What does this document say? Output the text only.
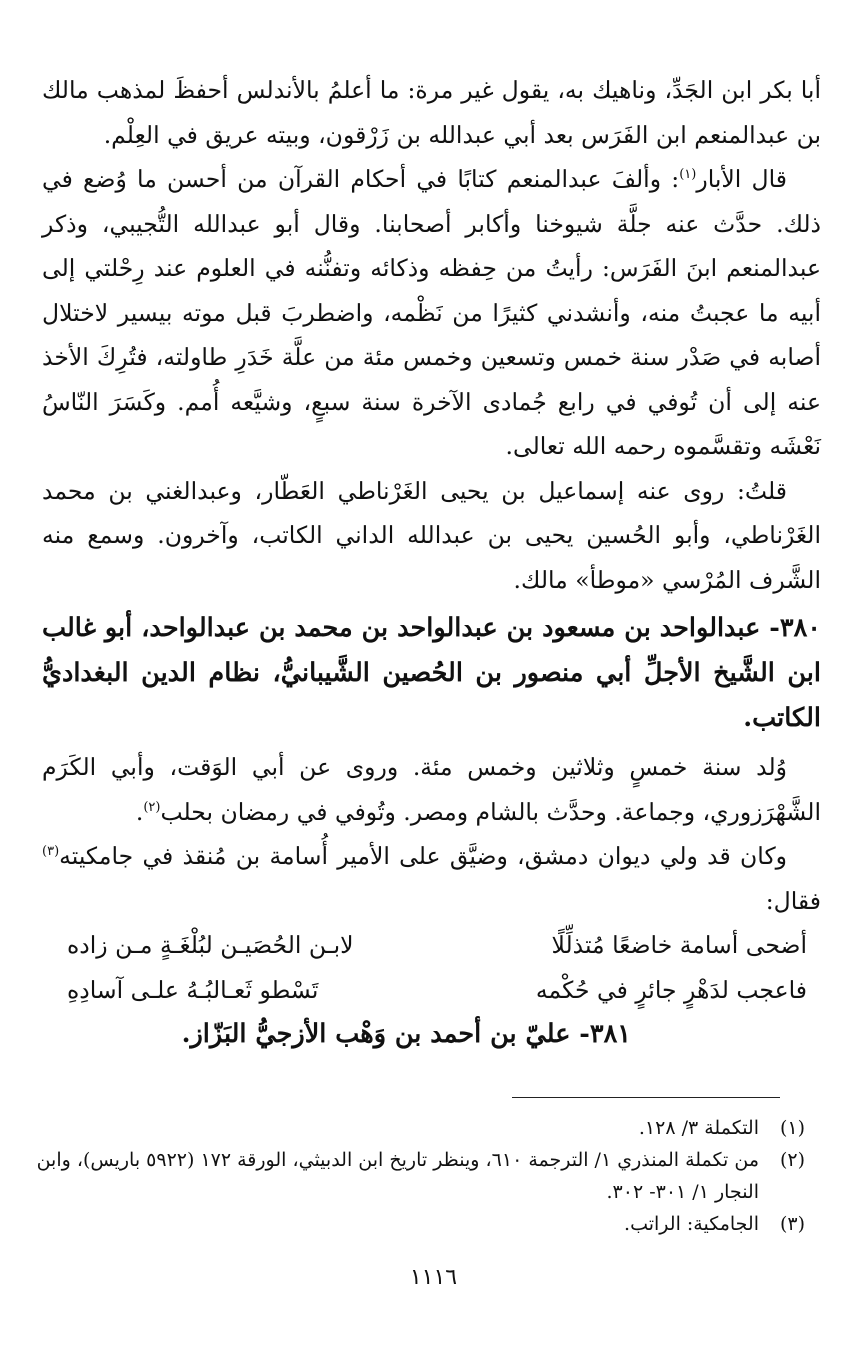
أبا بكر ابن الجَدِّ، وناهيك به، يقول غير مرة: ما أعلمُ بالأندلس أحفظَ لمذهب مالك بن عبدالمنعم ابن الفَرَس بعد أبي عبدالله بن زَرْقون، وبيته عريق في العِلْم.

قال الأبار$^{(١)}$: وألفَ عبدالمنعم كتابًا في أحكام القرآن من أحسن ما وُضع في ذلك. حدَّث عنه جلَّة شيوخنا وأكابر أصحابنا. وقال أبو عبدالله التُّجيبي، وذكر عبدالمنعم ابنَ الفَرَس: رأيتُ من حِفظه وذكائه وتفنُّنه في العلوم عند رِحْلتي إلى أبيه ما عجبتُ منه، وأنشدني كثيرًا من نَظْمه، واضطربَ قبل موته بيسير لاختلال أصابه في صَدْر سنة خمس وتسعين وخمس مئة من علَّة خَدَرِ طاولته، فتُرِكَ الأخذ عنه إلى أن تُوفي في رابع جُمادى الآخرة سنة سبعٍ، وشيَّعه أُمم. وكَسَرَ النّاسُ نَعْشَه وتقسَّموه رحمه الله تعالى.

قلتُ: روى عنه إسماعيل بن يحيى الغَرْناطي العَطّار، وعبدالغني بن محمد الغَرْناطي، وأبو الحُسين يحيى بن عبدالله الداني الكاتب، وآخرون. وسمع منه الشَّرف المُرْسي «موطأ» مالك.

٣٨٠- عبدالواحد بن مسعود بن عبدالواحد بن محمد بن عبدالواحد، أبو غالب ابن الشَّيخ الأجلِّ أبي منصور بن الحُصين الشَّيبانيُّ، نظام الدين البغداديُّ الكاتب.

وُلد سنة خمسٍ وثلاثين وخمس مئة. وروى عن أبي الوَقت، وأبي الكَرَم الشَّهْرَزوري، وجماعة. وحدَّث بالشام ومصر. وتُوفي في رمضان بحلب$^{(٢)}$.

وكان قد ولي ديوان دمشق، وضيَّق على الأمير أُسامة بن مُنقذ في جامكيته$^{(٣)}$ فقال:

أضحى أسامة خاضعًا مُتذلِّلًا
لابـن الحُصَيـن لبُلْغَـةٍ مـن زاده
فاعجب لدَهْرٍ جائرٍ في حُكْمه
تَسْطو ثَعـالبُـهُ علـى آسادِهِ

٣٨١- عليّ بن أحمد بن وَهْب الأزجيُّ البَزّاز.

(١)
التكملة ٣/ ١٢٨.
(٢)
من تكملة المنذري ١/ الترجمة ٦١٠، وينظر تاريخ ابن الدبيثي، الورقة ١٧٢ (٥٩٢٢ باريس)، وابن النجار ١/ ٣٠١- ٣٠٢.
(٣)
الجامكية: الراتب.
١١١٦
